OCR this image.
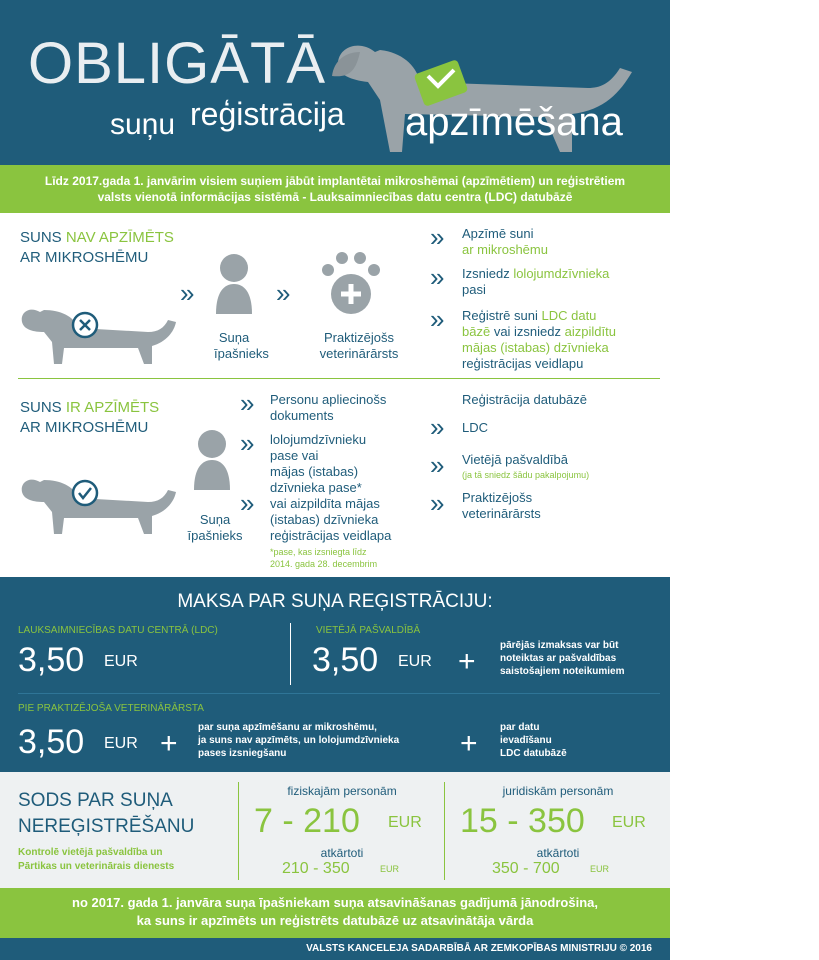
OBLIGĀTĀ
suņu reģistrācija apzīmēšana
Līdz 2017.gada 1. janvārim visiem suņiem jābūt implantētai mikroshēmai (apzīmētiem) un reģistrētiem
valsts vienotā informācijas sistēmā - Lauksaimniecības datu centra (LDC) datubāzē
SUNS NAV APZĪMĒTS
AR MIKROSHĒMU
»
Suņa
īpašnieks
»
Praktizējošs
veterinārārsts
» Apzīmē suni
ar mikroshēmu
» Izsniedz lolojumdzīvnieka
pasi
» Reģistrē suni LDC datu
bāzē vai izsniedz aizpildītu
mājas (istabas) dzīvnieka
reģistrācijas veidlapu
SUNS IR APZĪMĒTS
AR MIKROSHĒMU
Suņa
īpašnieks
»
»
»
Personu apliecinošs
dokuments
lolojumdzīvnieku
pase vai
mājas (istabas)
dzīvnieka pase*
vai aizpildīta mājas
(istabas) dzīvnieka
reģistrācijas veidlapa
*pase, kas izsniegta līdz
2014. gada 28. decembrim
Reģistrācija datubāzē
» LDC
» Vietējā pašvaldībā
(ja tā sniedz šādu pakalpojumu)
» Praktizējošs
veterinārārsts
MAKSA PAR SUŅA REĢISTRĀCIJU:
LAUKSAIMNIECĪBAS DATU CENTRĀ (LDC)
3,50 EUR
VIETĒJĀ PAŠVALDĪBĀ
3,50 EUR + pārējās izmaksas var būt
noteiktas ar pašvaldības
saistošajiem noteikumiem
PIE PRAKTIZĒJOŠA VETERINĀRĀRSTA
3,50 EUR + par suņa apzīmēšanu ar mikroshēmu,
ja suns nav apzīmēts, un lolojumdzīvnieka
pases izsniegšanu	+ par datu
ievadīšanu
LDC datubāzē
SODS PAR SUŅA
NEREĢISTRĒŠANU
Kontrolē vietējā pašvaldība un
Pārtikas un veterinārais dienests
fiziskajām personām
7 - 210 EUR
atkārtoti
210 - 350	EUR
juridiskām personām
15 - 350 EUR
atkārtoti
350 - 700	EUR
no 2017. gada 1. janvāra suņa īpašniekam suņa atsavināšanas gadījumā jānodrošina,
ka suns ir apzīmēts un reģistrēts datubāzē uz atsavinātāja vārda
VALSTS KANCELEJA SADARBĪBĀ AR ZEMKOPĪBAS MINISTRIJU © 2016
